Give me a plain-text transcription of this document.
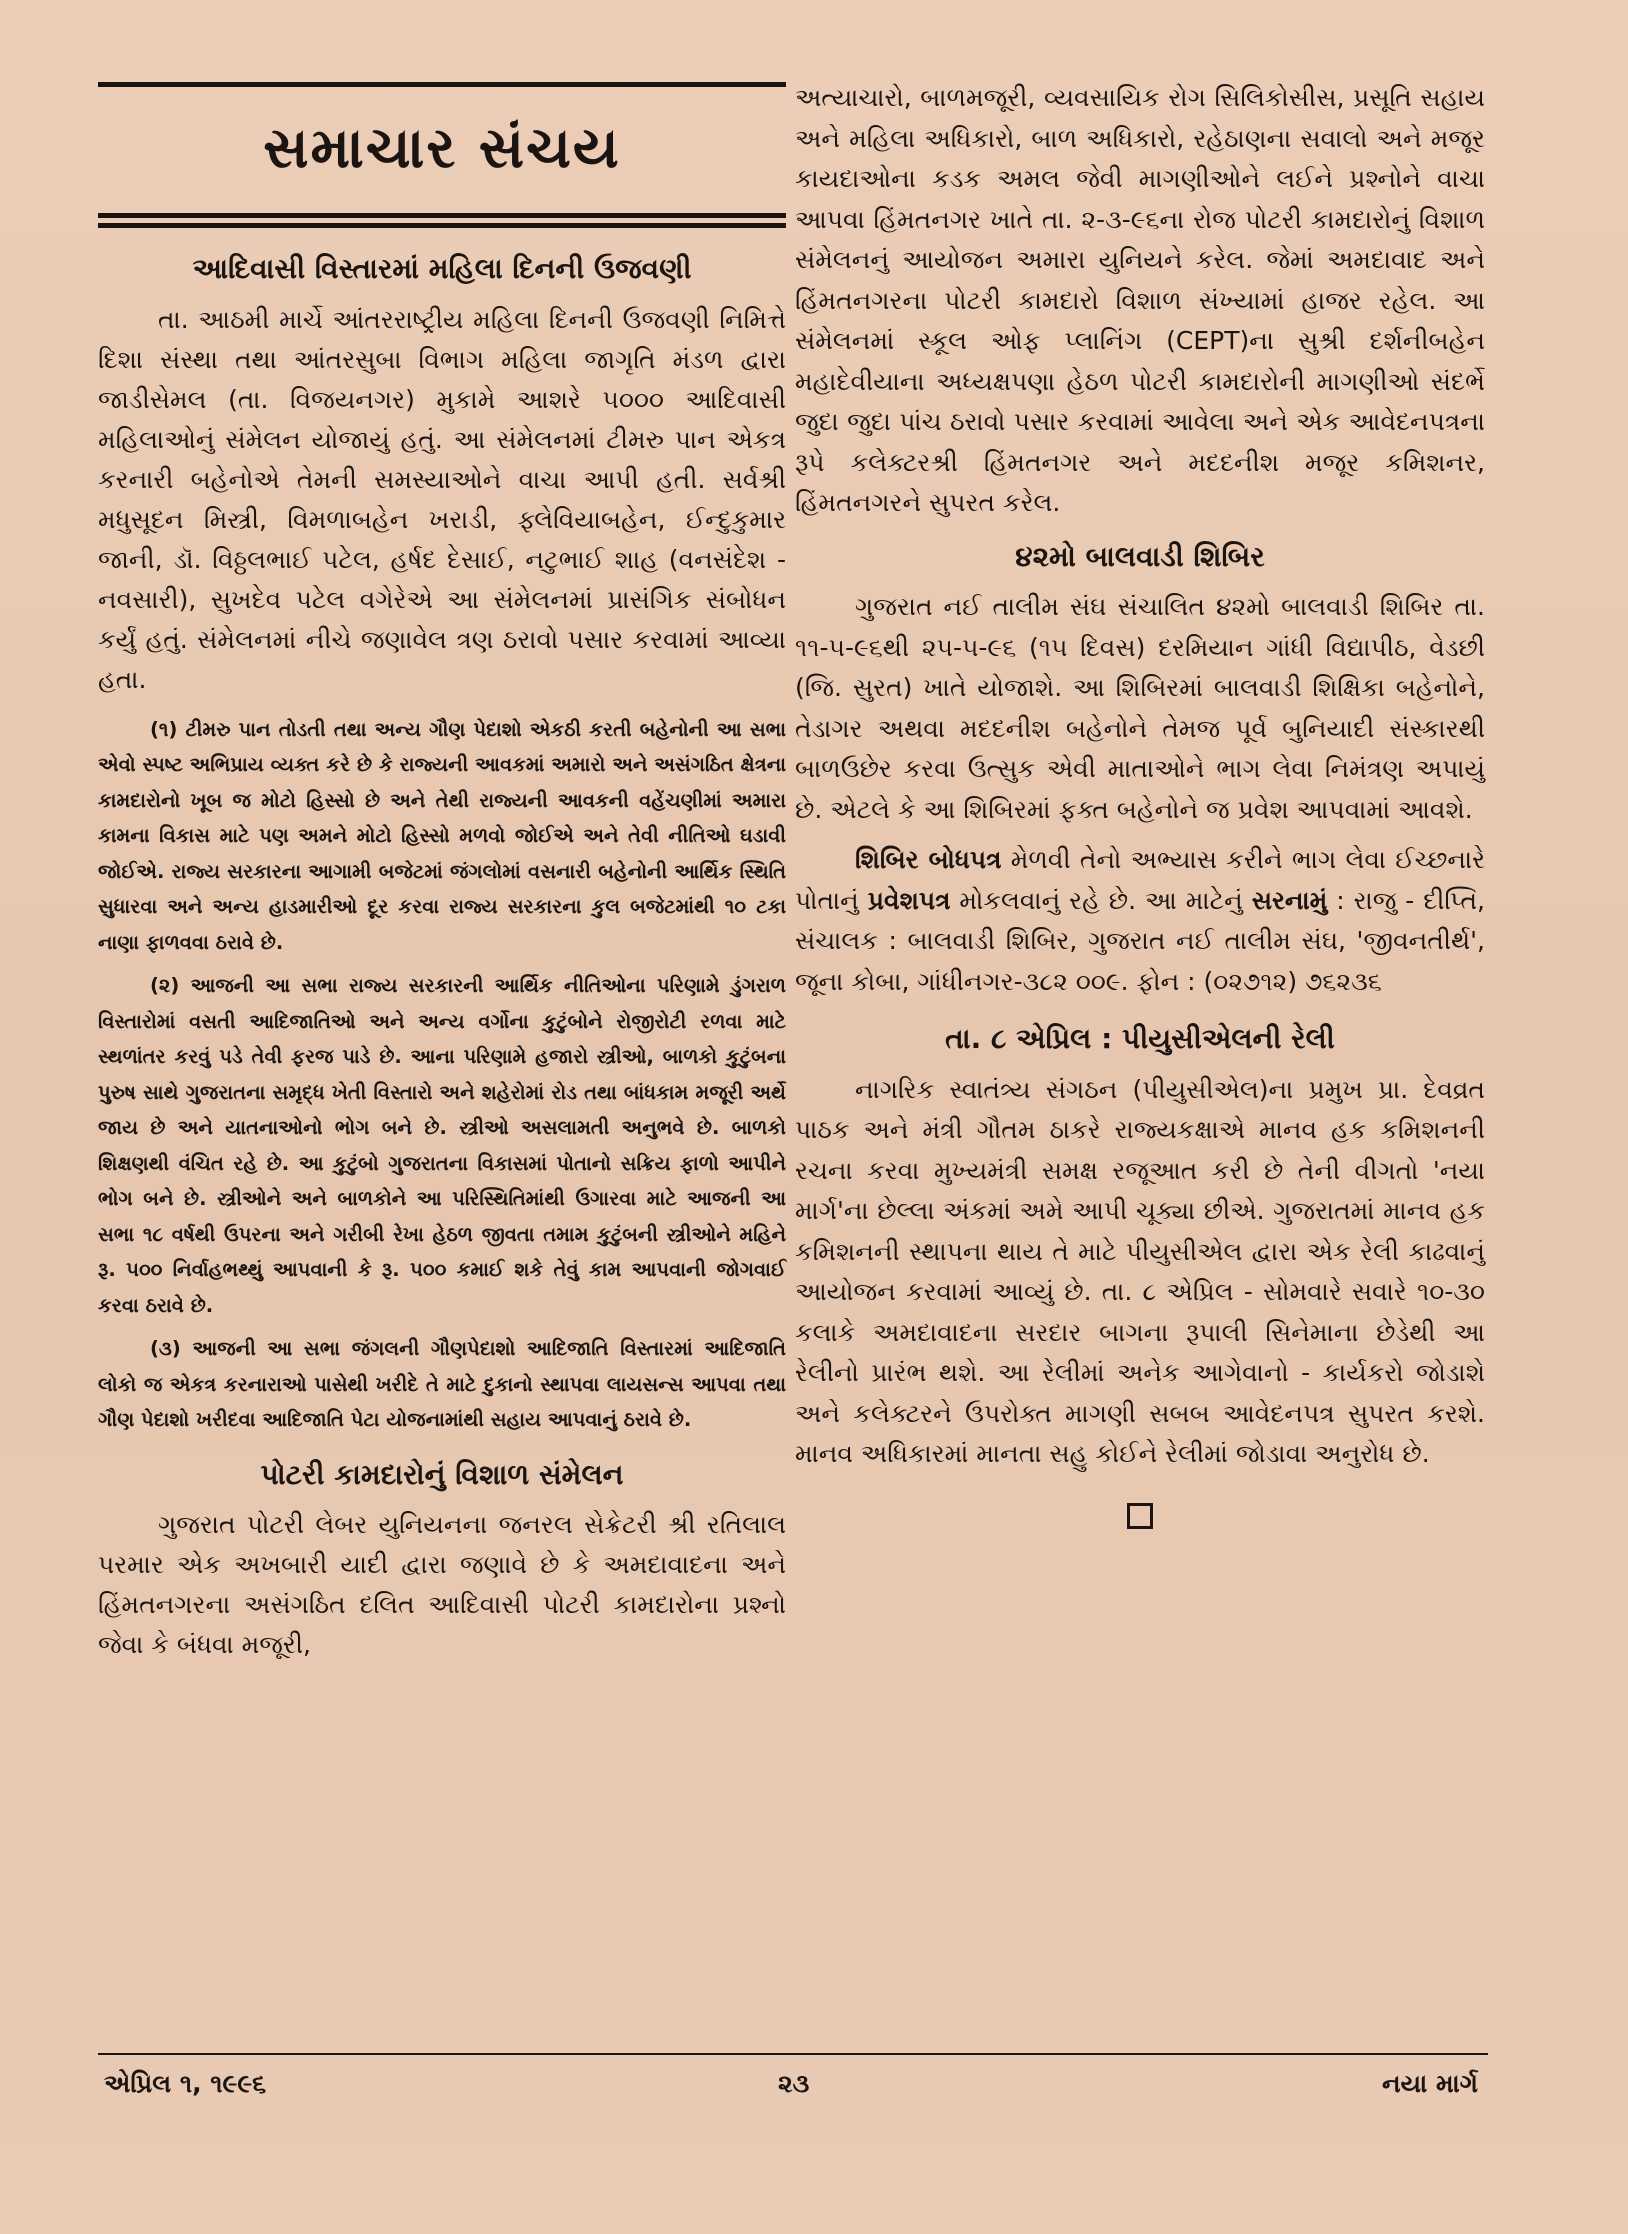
સમાચાર સંચય
આદિવાસી વિસ્તારમાં મહિલા દિનની ઉજવણી

તા. આઠમી માર્ચે આંતરરાષ્ટ્રીય મહિલા દિનની ઉજવણી નિમિત્તે દિશા સંસ્થા તથા આંતરસુબા વિભાગ મહિલા જાગૃતિ મંડળ દ્વારા જાડીસેમલ (તા. વિજયનગર) મુકામે આશરે ૫૦૦૦ આદિવાસી મહિલાઓનું સંમેલન યોજાયું હતું. આ સંમેલનમાં ટીમરુ પાન એકત્ર કરનારી બહેનોએ તેમની સમસ્યાઓને વાચા આપી હતી. સર્વશ્રી મધુસૂદન મિસ્ત્રી, વિમળાબહેન ખરાડી, ફ્લેવિયાબહેન, ઈન્દુકુમાર જાની, ડૉ. વિઠ્ઠલભાઈ પટેલ, હર્ષદ દેસાઈ, નટુભાઈ શાહ (વનસંદેશ - નવસારી), સુખદેવ પટેલ વગેરેએ આ સંમેલનમાં પ્રાસંગિક સંબોધન કર્યું હતું. સંમેલનમાં નીચે જણાવેલ ત્રણ ઠરાવો પસાર કરવામાં આવ્યા હતા.

(૧) ટીમરુ પાન તોડતી તથા અન્ય ગૌણ પેદાશો એકઠી કરતી બહેનોની આ સભા એવો સ્પષ્ટ અભિપ્રાય વ્યક્ત કરે છે કે રાજ્યની આવકમાં અમારો અને અસંગઠિત ક્ષેત્રના કામદારોનો ખૂબ જ મોટો હિસ્સો છે અને તેથી રાજ્યની આવકની વહેંચણીમાં અમારા કામના વિકાસ માટે પણ અમને મોટો હિસ્સો મળવો જોઈએ અને તેવી નીતિઓ ઘડાવી જોઈએ. રાજ્ય સરકારના આગામી બજેટમાં જંગલોમાં વસનારી બહેનોની આર્થિક સ્થિતિ સુધારવા અને અન્ય હાડમારીઓ દૂર કરવા રાજ્ય સરકારના કુલ બજેટમાંથી ૧૦ ટકા નાણા ફાળવવા ઠરાવે છે.

(૨) આજની આ સભા રાજ્ય સરકારની આર્થિક નીતિઓના પરિણામે ડુંગરાળ વિસ્તારોમાં વસતી આદિજાતિઓ અને અન્ય વર્ગોના કુટુંબોને રોજીરોટી રળવા માટે સ્થળાંતર કરવું પડે તેવી ફરજ પાડે છે. આના પરિણામે હજારો સ્ત્રીઓ, બાળકો કુટુંબના પુરુષ સાથે ગુજરાતના સમૃદ્ધ ખેતી વિસ્તારો અને શહેરોમાં રોડ તથા બાંધકામ મજૂરી અર્થે જાય છે અને યાતનાઓનો ભોગ બને છે. સ્ત્રીઓ અસલામતી અનુભવે છે. બાળકો શિક્ષણથી વંચિત રહે છે. આ કુટુંબો ગુજરાતના વિકાસમાં પોતાનો સક્રિય ફાળો આપીને ભોગ બને છે. સ્ત્રીઓને અને બાળકોને આ પરિસ્થિતિમાંથી ઉગારવા માટે આજની આ સભા ૧૮ વર્ષથી ઉપરના અને ગરીબી રેખા હેઠળ જીવતા તમામ કુટુંબની સ્ત્રીઓને મહિને રૂ. ૫૦૦ નિર્વાહભથ્થું આપવાની કે રૂ. ૫૦૦ કમાઈ શકે તેવું કામ આપવાની જોગવાઈ કરવા ઠરાવે છે.

(૩) આજની આ સભા જંગલની ગૌણપેદાશો આદિજાતિ વિસ્તારમાં આદિજાતિ લોકો જ એકત્ર કરનારાઓ પાસેથી ખરીદે તે માટે દુકાનો સ્થાપવા લાયસન્સ આપવા તથા ગૌણ પેદાશો ખરીદવા આદિજાતિ પેટા યોજનામાંથી સહાય આપવાનું ઠરાવે છે.

પોટરી કામદારોનું વિશાળ સંમેલન

ગુજરાત પોટરી લેબર યુનિયનના જનરલ સેક્રેટરી શ્રી રતિલાલ પરમાર એક અખબારી યાદી દ્વારા જણાવે છે કે અમદાવાદના અને હિંમતનગરના અસંગઠિત દલિત આદિવાસી પોટરી કામદારોના પ્રશ્નો જેવા કે બંધવા મજૂરી,

અત્યાચારો, બાળમજૂરી, વ્યવસાયિક રોગ સિલિકોસીસ, પ્રસૂતિ સહાય અને મહિલા અધિકારો, બાળ અધિકારો, રહેઠાણના સવાલો અને મજૂર કાયદાઓના કડક અમલ જેવી માગણીઓને લઈને પ્રશ્નોને વાચા આપવા હિંમતનગર ખાતે તા. ૨-૩-૯૬ના રોજ પોટરી કામદારોનું વિશાળ સંમેલનનું આયોજન અમારા યુનિયને કરેલ. જેમાં અમદાવાદ અને હિંમતનગરના પોટરી કામદારો વિશાળ સંખ્યામાં હાજર રહેલ. આ સંમેલનમાં સ્કૂલ ઓફ પ્લાનિંગ (CEPT)ના સુશ્રી દર્શનીબહેન મહાદેવીયાના અધ્યક્ષપણા હેઠળ પોટરી કામદારોની માગણીઓ સંદર્ભે જુદા જુદા પાંચ ઠરાવો પસાર કરવામાં આવેલા અને એક આવેદનપત્રના રૂપે કલેક્ટરશ્રી હિંમતનગર અને મદદનીશ મજૂર કમિશનર, હિંમતનગરને સુપરત કરેલ.

૪૨મો બાલવાડી શિબિર

ગુજરાત નઈ તાલીમ સંઘ સંચાલિત ૪૨મો બાલવાડી શિબિર તા. ૧૧-૫-૯૬થી ૨૫-૫-૯૬ (૧૫ દિવસ) દરમિયાન ગાંધી વિદ્યાપીઠ, વેડછી (જિ. સુરત) ખાતે યોજાશે. આ શિબિરમાં બાલવાડી શિક્ષિકા બહેનોને, તેડાગર અથવા મદદનીશ બહેનોને તેમજ પૂર્વ બુનિયાદી સંસ્કારથી બાળઉછેર કરવા ઉત્સુક એવી માતાઓને ભાગ લેવા નિમંત્રણ અપાયું છે. એટલે કે આ શિબિરમાં ફક્ત બહેનોને જ પ્રવેશ આપવામાં આવશે.

શિબિર બોધપત્ર મેળવી તેનો અભ્યાસ કરીને ભાગ લેવા ઈચ્છનારે પોતાનું પ્રવેશપત્ર મોકલવાનું રહે છે. આ માટેનું સરનામું : રાજુ - દીપ્તિ, સંચાલક : બાલવાડી શિબિર, ગુજરાત નઈ તાલીમ સંઘ, 'જીવનતીર્થ', જૂના કોબા, ગાંધીનગર-૩૮૨ ૦૦૯. ફોન : (૦૨૭૧૨) ૭૬૨૩૬

તા. ૮ એપ્રિલ : પીયુસીએલની રેલી

નાગરિક સ્વાતંત્ર્ય સંગઠન (પીયુસીએલ)ના પ્રમુખ પ્રા. દેવવ્રત પાઠક અને મંત્રી ગૌતમ ઠાકરે રાજ્યકક્ષાએ માનવ હક કમિશનની રચના કરવા મુખ્યમંત્રી સમક્ષ રજૂઆત કરી છે તેની વીગતો 'નયા માર્ગ'ના છેલ્લા અંકમાં અમે આપી ચૂક્યા છીએ. ગુજરાતમાં માનવ હક કમિશનની સ્થાપના થાય તે માટે પીયુસીએલ દ્વારા એક રેલી કાઢવાનું આયોજન કરવામાં આવ્યું છે. તા. ૮ એપ્રિલ - સોમવારે સવારે ૧૦-૩૦ કલાકે અમદાવાદના સરદાર બાગના રૂપાલી સિનેમાના છેડેથી આ રેલીનો પ્રારંભ થશે. આ રેલીમાં અનેક આગેવાનો - કાર્યકરો જોડાશે અને કલેક્ટરને ઉપરોક્ત માગણી સબબ આવેદનપત્ર સુપરત કરશે. માનવ અધિકારમાં માનતા સહુ કોઈને રેલીમાં જોડાવા અનુરોધ છે.

એપ્રિલ ૧, ૧૯૯૬	૨૩	નયા માર્ગ
